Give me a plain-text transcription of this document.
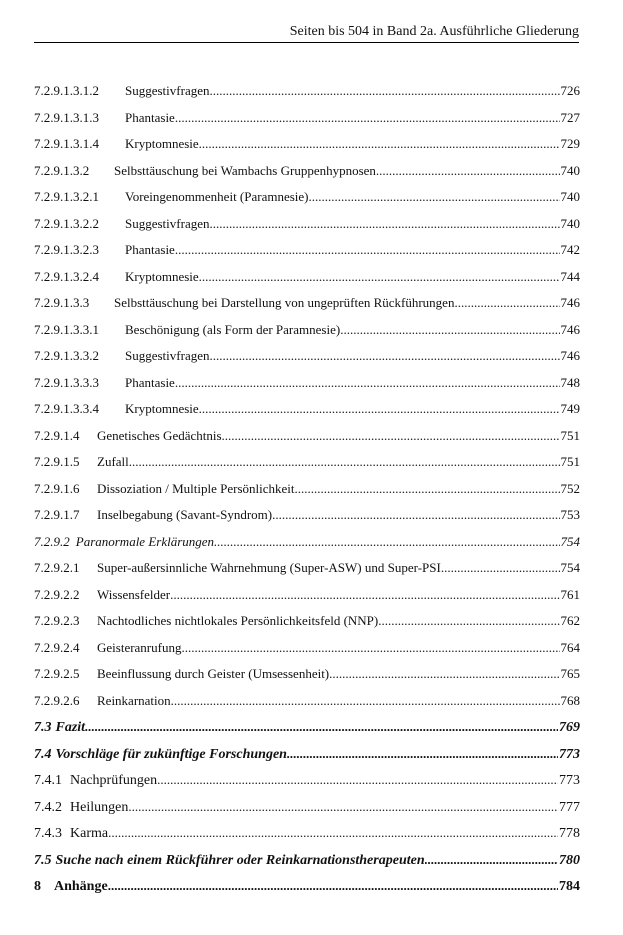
Seiten bis 504 in Band 2a. Ausführliche Gliederung
7.2.9.1.3.1.2	Suggestivfragen .....	726
7.2.9.1.3.1.3	Phantasie .....	727
7.2.9.1.3.1.4	Kryptomnesie .....	729
7.2.9.1.3.2	Selbsttäuschung bei Wambachs Gruppenhypnosen .....	740
7.2.9.1.3.2.1	Voreingenommenheit (Paramnesie) .....	740
7.2.9.1.3.2.2	Suggestivfragen .....	740
7.2.9.1.3.2.3	Phantasie .....	742
7.2.9.1.3.2.4	Kryptomnesie .....	744
7.2.9.1.3.3	Selbsttäuschung bei Darstellung von ungeprüften Rückführungen .....	746
7.2.9.1.3.3.1	Beschönigung (als Form der Paramnesie) .....	746
7.2.9.1.3.3.2	Suggestivfragen .....	746
7.2.9.1.3.3.3	Phantasie .....	748
7.2.9.1.3.3.4	Kryptomnesie .....	749
7.2.9.1.4	Genetisches Gedächtnis .....	751
7.2.9.1.5	Zufall .....	751
7.2.9.1.6	Dissoziation / Multiple Persönlichkeit .....	752
7.2.9.1.7	Inselbegabung (Savant-Syndrom) .....	753
7.2.9.2 Paranormale Erklärungen .....	754
7.2.9.2.1	Super-außersinnliche Wahrnehmung (Super-ASW) und Super-PSI .....	754
7.2.9.2.2	Wissensfelder .....	761
7.2.9.2.3	Nachtodliches nichtlokales Persönlichkeitsfeld (NNP) .....	762
7.2.9.2.4	Geisteranrufung .....	764
7.2.9.2.5	Beeinflussung durch Geister (Umsessenheit) .....	765
7.2.9.2.6	Reinkarnation .....	768
7.3 Fazit .....	769
7.4 Vorschläge für zukünftige Forschungen .....	773
7.4.1 Nachprüfungen .....	773
7.4.2 Heilungen .....	777
7.4.3 Karma .....	778
7.5 Suche nach einem Rückführer oder Reinkarnationstherapeuten .....	780
8 Anhänge .....	784
